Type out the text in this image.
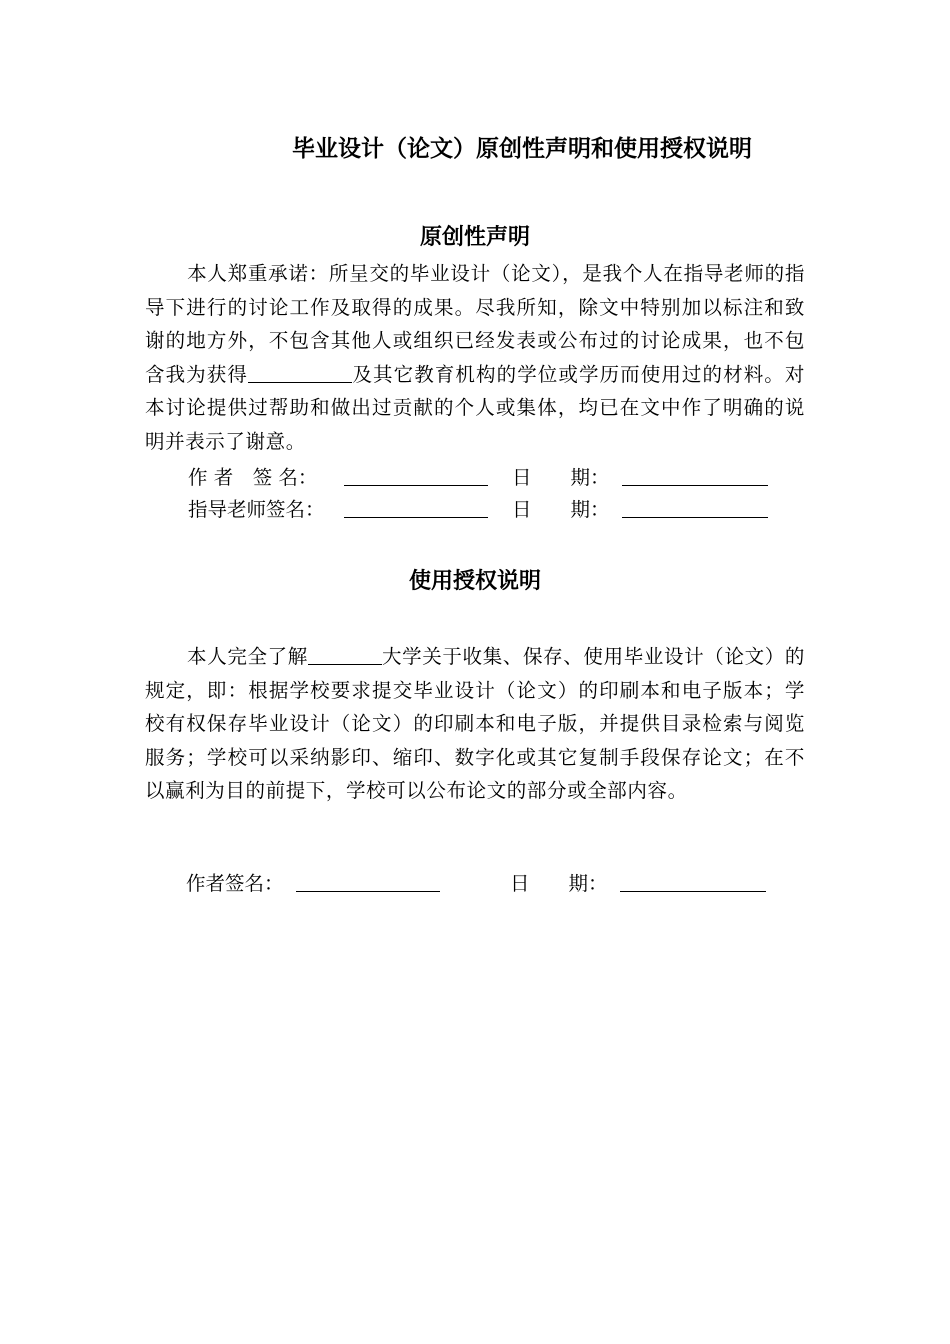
毕业设计（论文）原创性声明和使用授权说明
原创性声明
本人郑重承诺：所呈交的毕业设计（论文），是我个人在指导老师的指导下进行的讨论工作及取得的成果。尽我所知，除文中特别加以标注和致谢的地方外，不包含其他人或组织已经发表或公布过的讨论成果，也不包含我为获得	及其它教育机构的学位或学历而使用过的材料。对本讨论提供过帮助和做出过贡献的个人或集体，均已在文中作了明确的说明并表示了谢意。
作 者　签 名：	日　　期：
指导老师签名：	日　　期：
使用授权说明
本人完全了解	大学关于收集、保存、使用毕业设计（论文）的规定，即：根据学校要求提交毕业设计（论文）的印刷本和电子版本；学校有权保存毕业设计（论文）的印刷本和电子版，并提供目录检索与阅览服务；学校可以采纳影印、缩印、数字化或其它复制手段保存论文；在不以赢利为目的前提下，学校可以公布论文的部分或全部内容。
作者签名：	日　　期：
